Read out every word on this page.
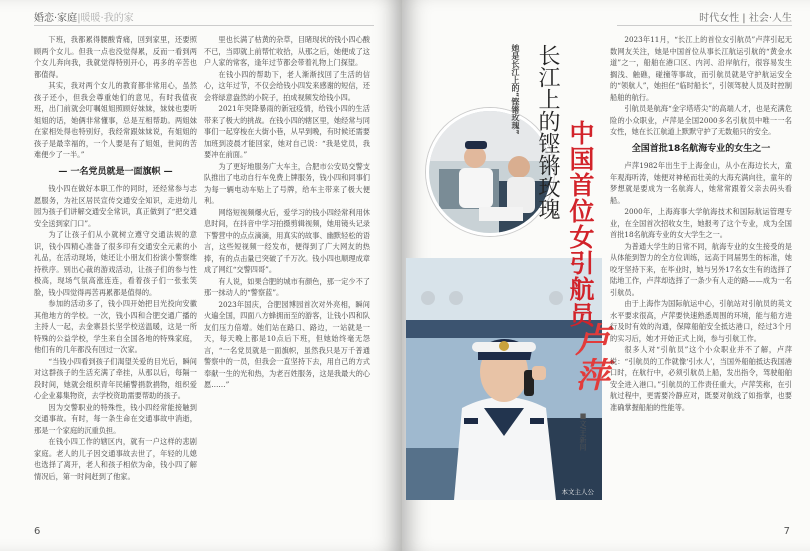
婚恋·家庭|暖暖·我的家

下班，我都累得腰酸背痛，回到家里，还要照顾两个女儿。但我一点也没觉得累，反而一看到两个女儿奔向我，我就觉得特别开心，再多的辛苦也都值得。

其实，我对两个女儿的教育都非常用心，虽然孩子还小，但我会尊重她们的意见，有时我值夜班，出门前就会叮嘱姐姐照顾好妹妹，妹妹也要听姐姐的话，她俩非常懂事，总是互相帮助。两姐妹在家相处得也特别好，我经常跟妹妹说，有姐姐的孩子是最幸福的，一个人要是有了姐姐，世间的苦难便少了一半。”

— 一名党员就是一面旗帜 —

钱小四在做好本职工作的同时，还经常参与志愿服务，为社区居民宣传交通安全知识，走进幼儿园为孩子们讲解交通安全常识，真正做到了“把交通安全送到家门口”。

为了让孩子们从小就树立遵守交通法规的意识，钱小四精心准备了很多印有交通安全元素的小礼品，在活动现场，她还让小朋友们扮演小警察维持秩序。别出心裁的游戏活动，让孩子们的参与性极高，现场气氛高涨连连，看着孩子们一张张笑脸，钱小四觉得再苦再累都是值得的。

参加的活动多了，钱小四开始把目光投向安徽其他地方的学校。一次，钱小四和合肥交通广播的主持人一起，去金寨县长坚学校送温暖，这是一所特殊的公益学校，学生来自全国各地的特殊家庭，他们有的几年都没有回过一次家。

“当钱小四看到孩子们渴望关爱的目光后，瞬间对这群孩子的生活充满了牵挂，从那以后，每隔一段时间，她就会组织青年民辅警捐款捐物，组织爱心企业募集物资，去学校资助需要帮助的孩子。

因为交警职业的特殊性，钱小四经常能接触到交通事故。有时，每一条生命在交通事故中消逝，那是一个家庭的沉重负担。

在钱小四工作的辖区内，就有一户这样的悲剧家庭。老人的儿子因交通事故去世了，年轻的儿媳也选择了离开，老人和孩子相依为命，钱小四了解情况后，第一时间赶到了他家。

里也长满了枯黄的杂草，目睹现状的钱小四心酸不已，当即就上前帮忙收拾，从那之后，她便成了这户人家的常客，逢年过节都会带着礼物上门探望。

在钱小四的帮助下，老人渐渐找回了生活的信心，这年过节，不仅会给钱小四发来感谢的短信，还会将绿意盎然的小院子，拍成视频发给钱小四。

2021年突降暴雨的新冠疫情，给钱小四的生活带来了极大的挑战。在钱小四的辖区里，她经常与同事们一起穿梭在大街小巷，从早到晚，有时候还需要加班到凌晨才能回家，她对自己说：“我是党员，我要冲在前面。”

为了更好地服务广大车主，合肥市公安局交警支队推出了电动自行车免费上牌服务，钱小四和同事们为每一辆电动车贴上了号牌，给车主带来了极大便利。

网络短视频爆火后，爱学习的钱小四经常利用休息时间，在抖音中学习拍摄剪辑视频，她用镜头记录下警营中的点点滴滴，用真实的故事、幽默轻松的语言，这些短视频一经发布，便得到了广大网友的热捧，有的点击量已突破了千万次。钱小四也顺理成章成了网红“交警四哥”。

有人说，如果合肥的城市有颜色，那一定少不了那一抹动人的“警察蓝”。

2023年国庆，合肥园博园首次对外亮相，瞬间火遍全国，四面八方蜂拥而至的游客，让钱小四和队友们压力倍增。她们站在路口、路边，一站就是一天，每天晚上都是10点后下班，但她始终毫无怨言，“一名党员就是一面旗帜，虽然我只是万千普通警察中的一员，但我会一直坚持下去，用自己的方式奉献一生的光和热，为老百姓服务，这是我最大的心愿……”

6
时代女性 | 社会·人生
本文主人公
她是长江上的“铿锵玫瑰” 长江上的铿锵玫瑰 中国首位女引航员
卢萍
■文/王新同

2023年11月，“长江上的首位女引航员”卢萍引起无数网友关注，她是中国首位从事长江航运引航的“黄金水道”之一，船舶在港口区、内河、沿岸航行，很容易发生搁浅、触礁，碰撞等事故，而引航员就是守护航运安全的“领航人”，她担任“临时船长”，引领驾驶人员及时控制船舶的航行。

引航员是航海“金字塔塔尖”的高端人才，也是充满危险的小众职业，卢萍是全国2000多名引航员中唯一一名女性，她在长江航道上默默守护了无数船只的安全。

全国首批18名航海专业的女生之一

卢萍1982年出生于上海金山，从小在海边长大，童年观海听涛，她便对神秘而壮美的大海充满向往，童年的梦想就是要成为一名航海人，她常常跟着父亲去码头看船。

2000年，上海海事大学航海技术和国际航运管理专业，在全国首次招收女生，她报考了这个专业，成为全国首批18名航海专业的女大学生之一。

为普通大学生的日常不同，航海专业的女生接受的是从体能到智力的全方位训练，远高于同届男生的标准，她咬牙坚持下来，在毕业时，她与另外17名女生有的选择了陆地工作，卢萍却选择了一条少有人走的路——成为一名引航员。

由于上海作为国际航运中心，引航站对引航员的英文水平要求很高，卢萍要快速熟悉周围的环境，能与船方进行及时有效的沟通，保障船舶安全抵达港口，经过3个月的实习后，她才开始正式上岗，参与引航工作。

很多人对“引航员”这个小众职业并不了解，卢萍说：“引航员的工作就像‘引水人’，当国外船舶抵达我国港口时，在航行中，必须引航员上船，发出指令，驾驶船舶安全进入港口。”引航员的工作责任重大，卢萍笑称，在引航过程中，更需要冷静应对，既要对航线了如指掌，也要准确掌握船舶的性能等。

7
